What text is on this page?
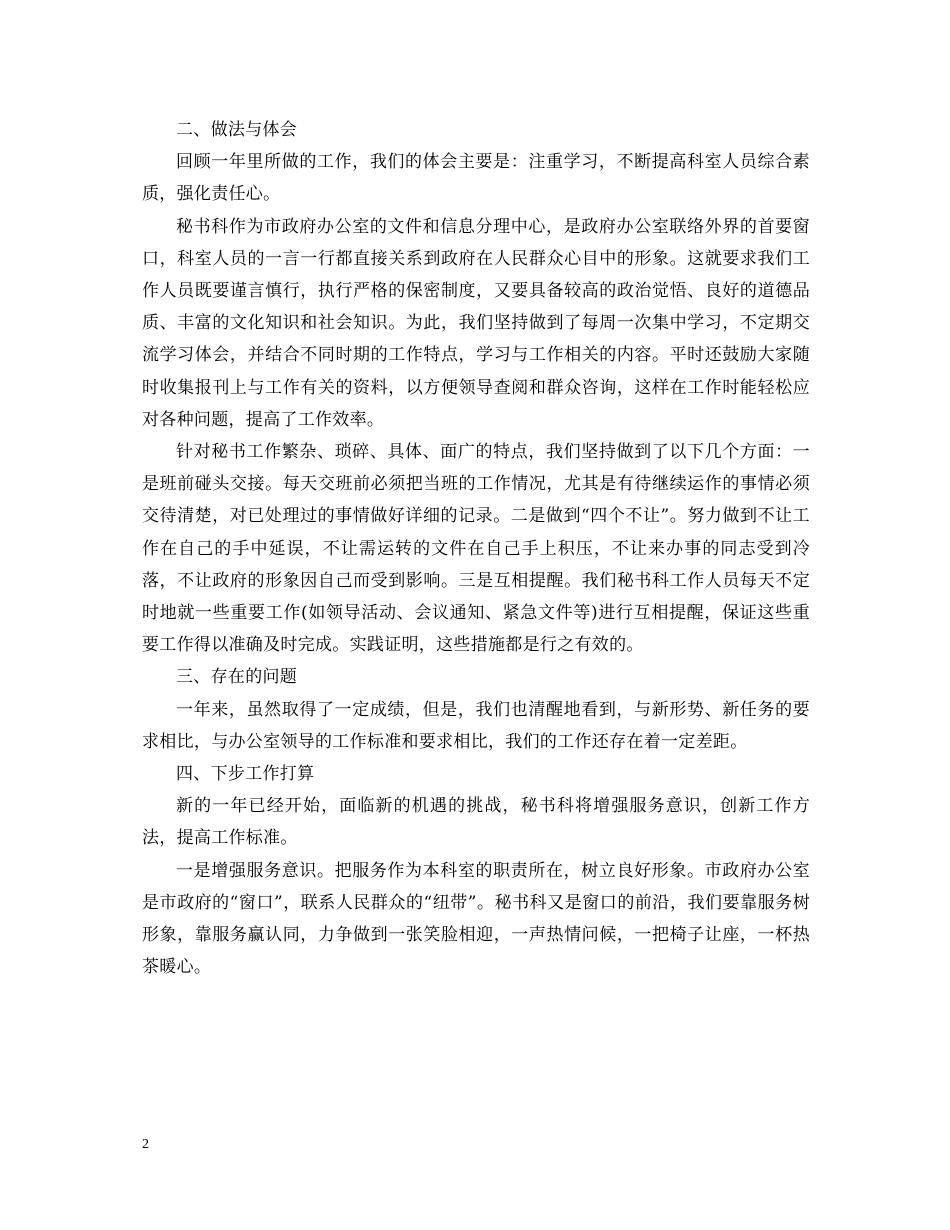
二、做法与体会

回顾一年里所做的工作，我们的体会主要是：注重学习，不断提高科室人员综合素质，强化责任心。

秘书科作为市政府办公室的文件和信息分理中心，是政府办公室联络外界的首要窗口，科室人员的一言一行都直接关系到政府在人民群众心目中的形象。这就要求我们工作人员既要谨言慎行，执行严格的保密制度，又要具备较高的政治觉悟、良好的道德品质、丰富的文化知识和社会知识。为此，我们坚持做到了每周一次集中学习，不定期交流学习体会，并结合不同时期的工作特点，学习与工作相关的内容。平时还鼓励大家随时收集报刊上与工作有关的资料，以方便领导查阅和群众咨询，这样在工作时能轻松应对各种问题，提高了工作效率。

针对秘书工作繁杂、琐碎、具体、面广的特点，我们坚持做到了以下几个方面：一是班前碰头交接。每天交班前必须把当班的工作情况，尤其是有待继续运作的事情必须交待清楚，对已处理过的事情做好详细的记录。二是做到“四个不让”。努力做到不让工作在自己的手中延误，不让需运转的文件在自己手上积压，不让来办事的同志受到冷落，不让政府的形象因自己而受到影响。三是互相提醒。我们秘书科工作人员每天不定时地就一些重要工作(如领导活动、会议通知、紧急文件等)进行互相提醒，保证这些重要工作得以准确及时完成。实践证明，这些措施都是行之有效的。

三、存在的问题

一年来，虽然取得了一定成绩，但是，我们也清醒地看到，与新形势、新任务的要求相比，与办公室领导的工作标准和要求相比，我们的工作还存在着一定差距。

四、下步工作打算

新的一年已经开始，面临新的机遇的挑战，秘书科将增强服务意识，创新工作方法，提高工作标准。

一是增强服务意识。把服务作为本科室的职责所在，树立良好形象。市政府办公室是市政府的“窗口”，联系人民群众的“纽带”。秘书科又是窗口的前沿，我们要靠服务树形象，靠服务赢认同，力争做到一张笑脸相迎，一声热情问候，一把椅子让座，一杯热茶暖心。

2
